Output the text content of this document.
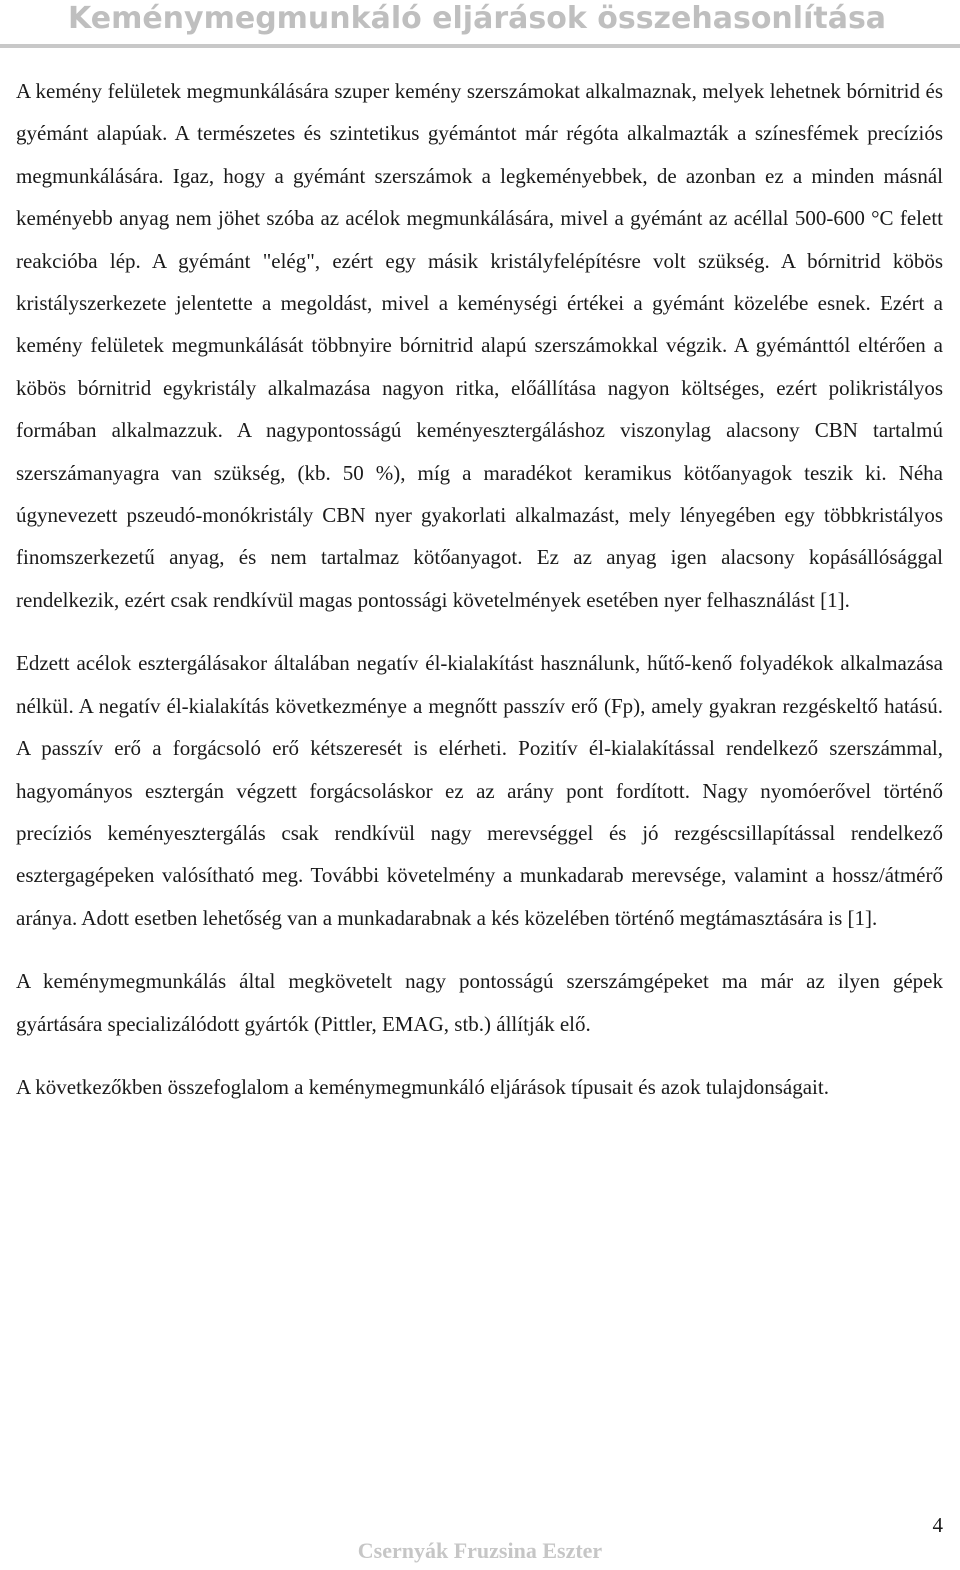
Keménymegmunkáló eljárások összehasonlítása

A kemény felületek megmunkálására szuper kemény szerszámokat alkalmaznak, melyek lehetnek bórnitrid és gyémánt alapúak. A természetes és szintetikus gyémántot már régóta alkalmazták a színesfémek precíziós megmunkálására. Igaz, hogy a gyémánt szerszámok a legkeményebbek, de azonban ez a minden másnál keményebb anyag nem jöhet szóba az acélok megmunkálására, mivel a gyémánt az acéllal 500-600 °C felett reakcióba lép. A gyémánt "elég", ezért egy másik kristályfelépítésre volt szükség. A bórnitrid köbös kristályszerkezete jelentette a megoldást, mivel a keménységi értékei a gyémánt közelébe esnek. Ezért a kemény felületek megmunkálását többnyire bórnitrid alapú szerszámokkal végzik. A gyémánttól eltérően a köbös bórnitrid egykristály alkalmazása nagyon ritka, előállítása nagyon költséges, ezért polikristályos formában alkalmazzuk. A nagypontosságú keményesztergáláshoz viszonylag alacsony CBN tartalmú szerszámanyagra van szükség, (kb. 50 %), míg a maradékot keramikus kötőanyagok teszik ki. Néha úgynevezett pszeudó-monókristály CBN nyer gyakorlati alkalmazást, mely lényegében egy többkristályos finomszerkezetű anyag, és nem tartalmaz kötőanyagot. Ez az anyag igen alacsony kopásállósággal rendelkezik, ezért csak rendkívül magas pontossági követelmények esetében nyer felhasználást [1].

Edzett acélok esztergálásakor általában negatív él-kialakítást használunk, hűtő-kenő folyadékok alkalmazása nélkül. A negatív él-kialakítás következménye a megnőtt passzív erő (Fp), amely gyakran rezgéskeltő hatású. A passzív erő a forgácsoló erő kétszeresét is elérheti. Pozitív él-kialakítással rendelkező szerszámmal, hagyományos esztergán végzett forgácsoláskor ez az arány pont fordított. Nagy nyomóerővel történő precíziós keményesztergálás csak rendkívül nagy merevséggel és jó rezgéscsillapítással rendelkező esztergagépeken valósítható meg. További követelmény a munkadarab merevsége, valamint a hossz/átmérő aránya. Adott esetben lehetőség van a munkadarabnak a kés közelében történő megtámasztására is [1].

A keménymegmunkálás által megkövetelt nagy pontosságú szerszámgépeket ma már az ilyen gépek gyártására specializálódott gyártók (Pittler, EMAG, stb.) állítják elő.

A következőkben összefoglalom a keménymegmunkáló eljárások típusait és azok tulajdonságait.

4
Csernyák Fruzsina Eszter
